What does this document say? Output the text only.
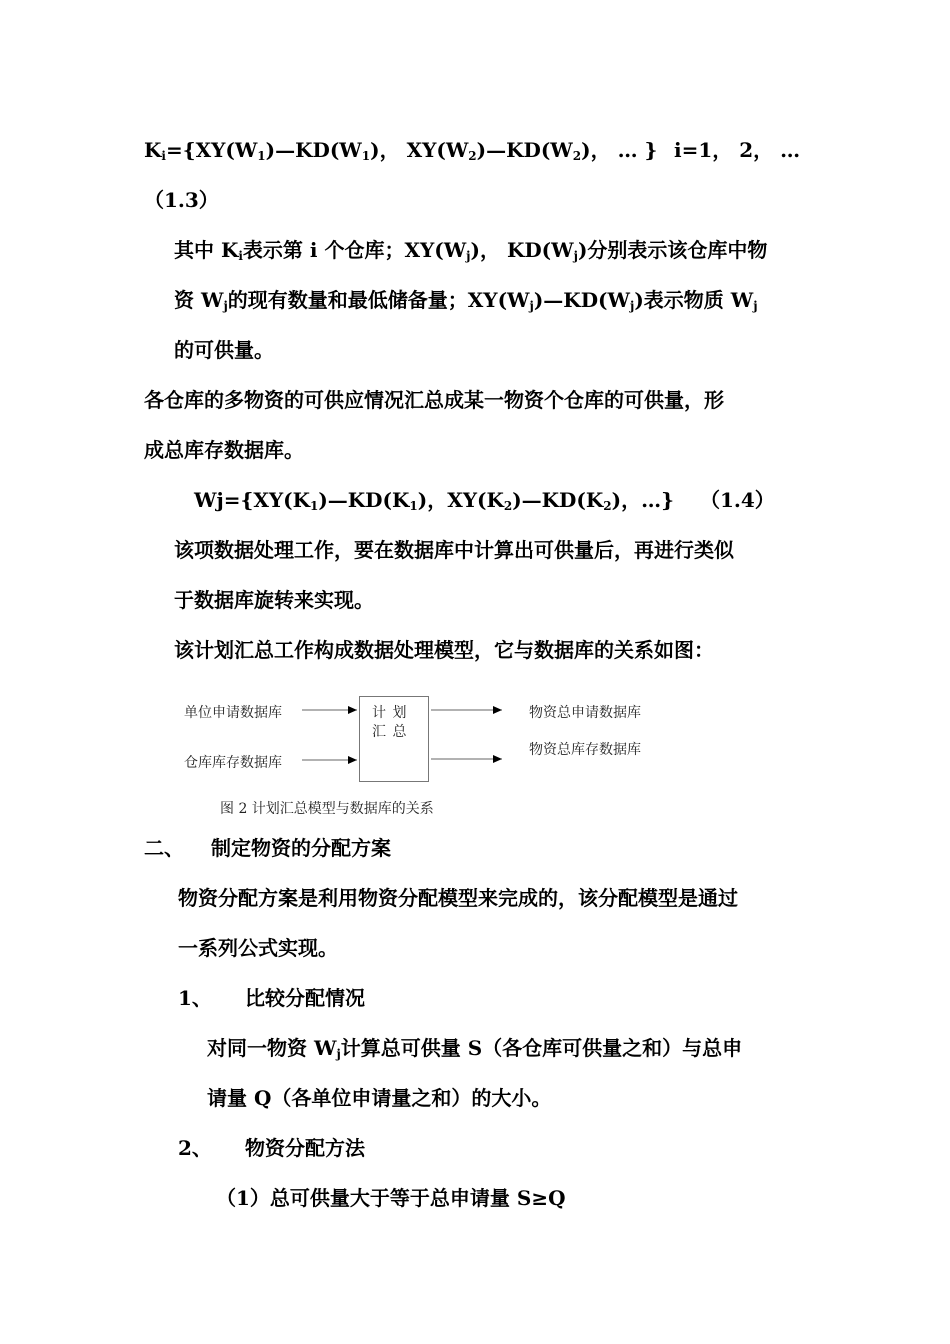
$K_i=\{XY(W_1)—KD(W_1)$， $XY(W_2)—KD(W_2)$， … } i=1， 2， …
（1.3）
其中 $K_i$表示第 i 个仓库；$XY(W_j)$， $KD(W_j)$分别表示该仓库中物
资 $W_j$的现有数量和最低储备量；$XY(W_j)—KD(W_j)$表示物质 $W_j$
的可供量。
各仓库的多物资的可供应情况汇总成某一物资个仓库的可供量，形
成总库存数据库。
$Wj=\{XY(K_1)—KD(K_1)$，$XY(K_2)—KD(K_2)$，…} （1.4）
该项数据处理工作，要在数据库中计算出可供量后，再进行类似
于数据库旋转来实现。
该计划汇总工作构成数据处理模型，它与数据库的关系如图：
单位申请数据库
仓库库存数据库
计 划
汇 总
物资总申请数据库
物资总库存数据库
图 2 计划汇总模型与数据库的关系
二、 制定物资的分配方案
物资分配方案是利用物资分配模型来完成的，该分配模型是通过
一系列公式实现。
1、 比较分配情况
对同一物资 $W_j$计算总可供量 S（各仓库可供量之和）与总申
请量 Q（各单位申请量之和）的大小。
2、 物资分配方法
（1）总可供量大于等于总申请量 S≥Q
